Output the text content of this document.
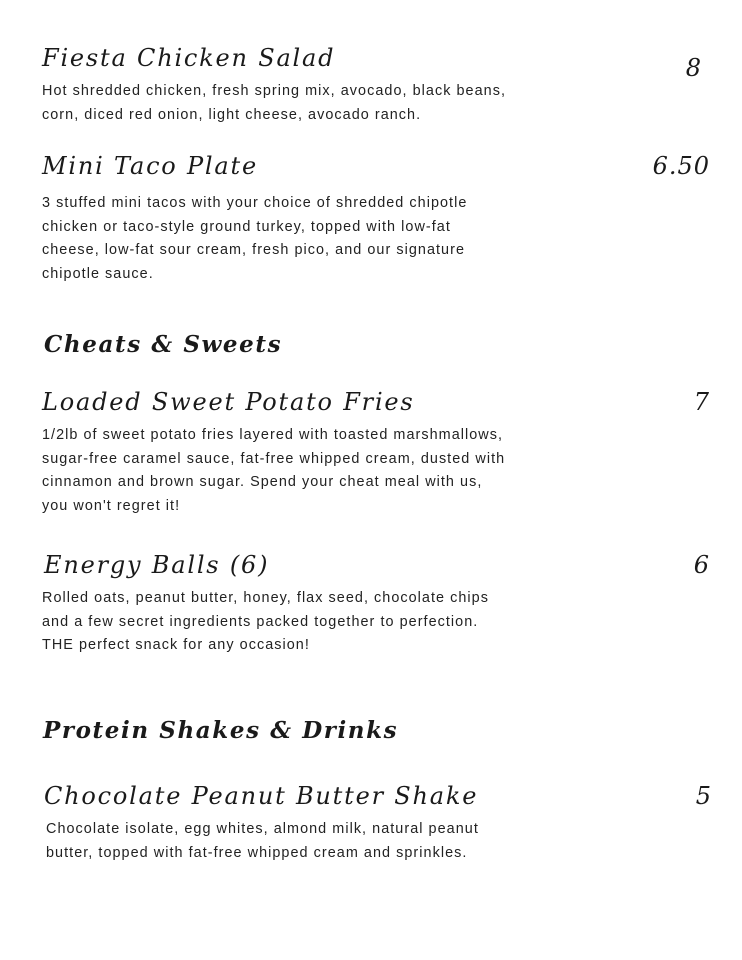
Fiesta Chicken Salad	8

Hot shredded chicken, fresh spring mix, avocado, black beans, corn, diced red onion, light cheese, avocado ranch.

Mini Taco Plate	6.50

3 stuffed mini tacos with your choice of shredded chipotle chicken or taco-style ground turkey, topped with low-fat cheese, low-fat sour cream, fresh pico, and our signature chipotle sauce.

Cheats & Sweets
Loaded Sweet Potato Fries	7

1/2lb of sweet potato fries layered with toasted marshmallows, sugar-free caramel sauce, fat-free whipped cream, dusted with cinnamon and brown sugar. Spend your cheat meal with us, you won't regret it!

Energy Balls (6)	6

Rolled oats, peanut butter, honey, flax seed, chocolate chips and a few secret ingredients packed together to perfection. THE perfect snack for any occasion!

Protein Shakes & Drinks
Chocolate Peanut Butter Shake	5

Chocolate isolate, egg whites, almond milk, natural peanut butter, topped with fat-free whipped cream and sprinkles.
